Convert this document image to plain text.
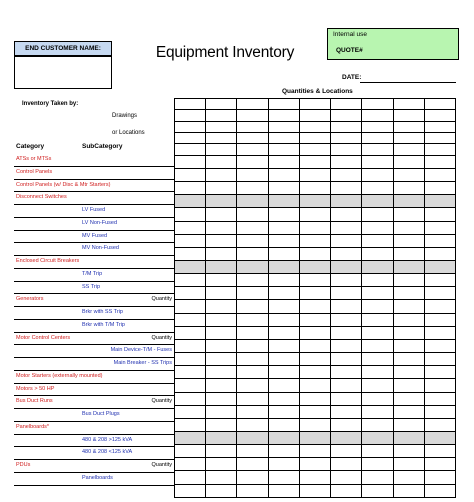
END CUSTOMER NAME:	Equipment Inventory
Internal use
QUOTE#
DATE:
Quantities & Locations
Inventory Taken by:
Drawings
or Locations
Category	SubCategory

ATSs or MTSs
Control Panels
Control Panels (w/ Disc & Mtr Starters)
Disconnect Switches
LV Fused
LV Non-Fused
MV Fused
MV Non-Fused
Enclosed Circuit Breakers
T/M Trip
SS Trip
Generators	Quantity
Brkr with SS Trip
Brkr with T/M Trip
Motor Control Centers	Quantity
Main Device-T/M - Fuses
Main Breaker - SS Trips
Motor Starters (externally mounted)
Motors > 50 HP
Bus Duct Runs	Quantity
Bus Duct Plugs
Panelboards*
480 & 208 >125 kVA
480 & 208 <125 kVA
PDUs	Quantity
Panelboards
